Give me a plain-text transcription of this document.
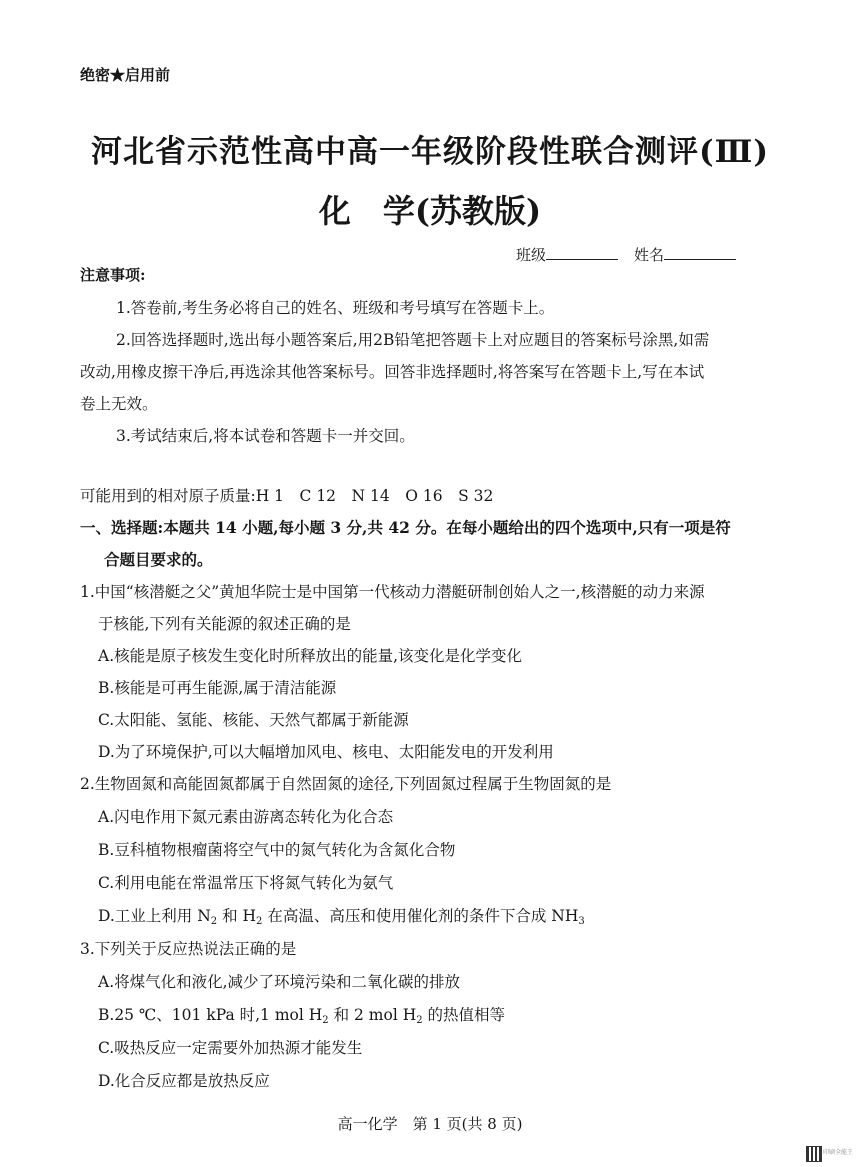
绝密★启用前
河北省示范性高中高一年级阶段性联合测评(Ⅲ)
化 学(苏教版)
班级	姓名
注意事项:
1.答卷前,考生务必将自己的姓名、班级和考号填写在答题卡上。
2.回答选择题时,选出每小题答案后,用2B铅笔把答题卡上对应题目的答案标号涂黑,如需
改动,用橡皮擦干净后,再选涂其他答案标号。回答非选择题时,将答案写在答题卡上,写在本试
卷上无效。
3.考试结束后,将本试卷和答题卡一并交回。
可能用到的相对原子质量:H 1　C 12　N 14　O 16　S 32
一、选择题:本题共 14 小题,每小题 3 分,共 42 分。在每小题给出的四个选项中,只有一项是符
合题目要求的。
1.中国“核潜艇之父”黄旭华院士是中国第一代核动力潜艇研制创始人之一,核潜艇的动力来源
于核能,下列有关能源的叙述正确的是
A.核能是原子核发生变化时所释放出的能量,该变化是化学变化
B.核能是可再生能源,属于清洁能源
C.太阳能、氢能、核能、天然气都属于新能源
D.为了环境保护,可以大幅增加风电、核电、太阳能发电的开发利用
2.生物固氮和高能固氮都属于自然固氮的途径,下列固氮过程属于生物固氮的是
A.闪电作用下氮元素由游离态转化为化合态
B.豆科植物根瘤菌将空气中的氮气转化为含氮化合物
C.利用电能在常温常压下将氮气转化为氨气
D.工业上利用 $N_2$ 和 $H_2$ 在高温、高压和使用催化剂的条件下合成 $NH_3$
3.下列关于反应热说法正确的是
A.将煤气化和液化,减少了环境污染和二氧化碳的排放
B.25 ℃、101 kPa 时,1 mol $H_2$ 和 2 mol $H_2$ 的热值相等
C.吸热反应一定需要外加热源才能发生
D.化合反应都是放热反应
高一化学　第 1 页(共 8 页)
印刷全能王
